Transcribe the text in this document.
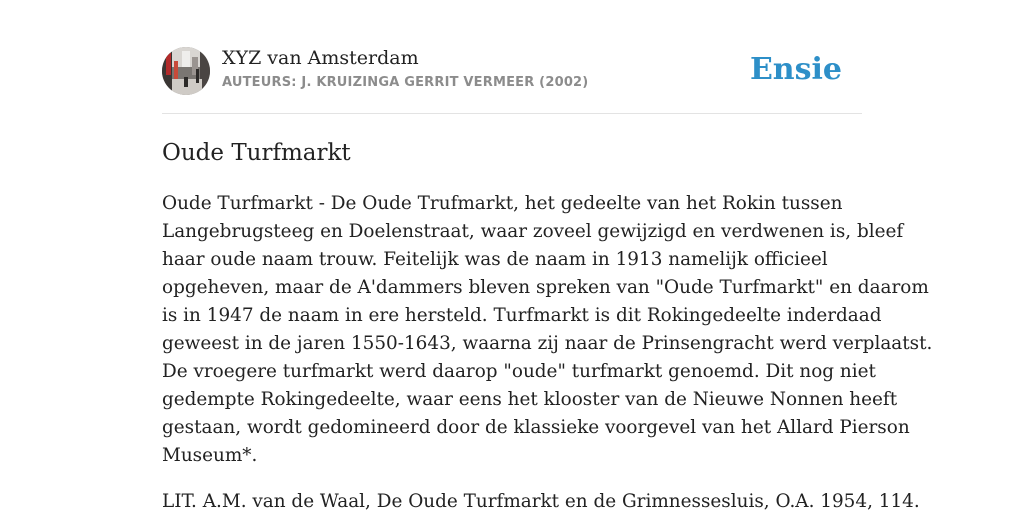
XYZ van Amsterdam
AUTEURS: J. KRUIZINGA GERRIT VERMEER (2002)	Ensie
Oude Turfmarkt

Oude Turfmarkt - De Oude Trufmarkt, het gedeelte van het Rokin tussen
Langebrugsteeg en Doelenstraat, waar zoveel gewijzigd en verdwenen is, bleef
haar oude naam trouw. Feitelijk was de naam in 1913 namelijk officieel
opgeheven, maar de A'dammers bleven spreken van "Oude Turfmarkt" en daarom
is in 1947 de naam in ere hersteld. Turfmarkt is dit Rokingedeelte inderdaad
geweest in de jaren 1550-1643, waarna zij naar de Prinsengracht werd verplaatst.
De vroegere turfmarkt werd daarop "oude" turfmarkt genoemd. Dit nog niet
gedempte Rokingedeelte, waar eens het klooster van de Nieuwe Nonnen heeft
gestaan, wordt gedomineerd door de klassieke voorgevel van het Allard Pierson
Museum*.

LIT. A.M. van de Waal, De Oude Turfmarkt en de Grimnessesluis, O.A. 1954, 114.
